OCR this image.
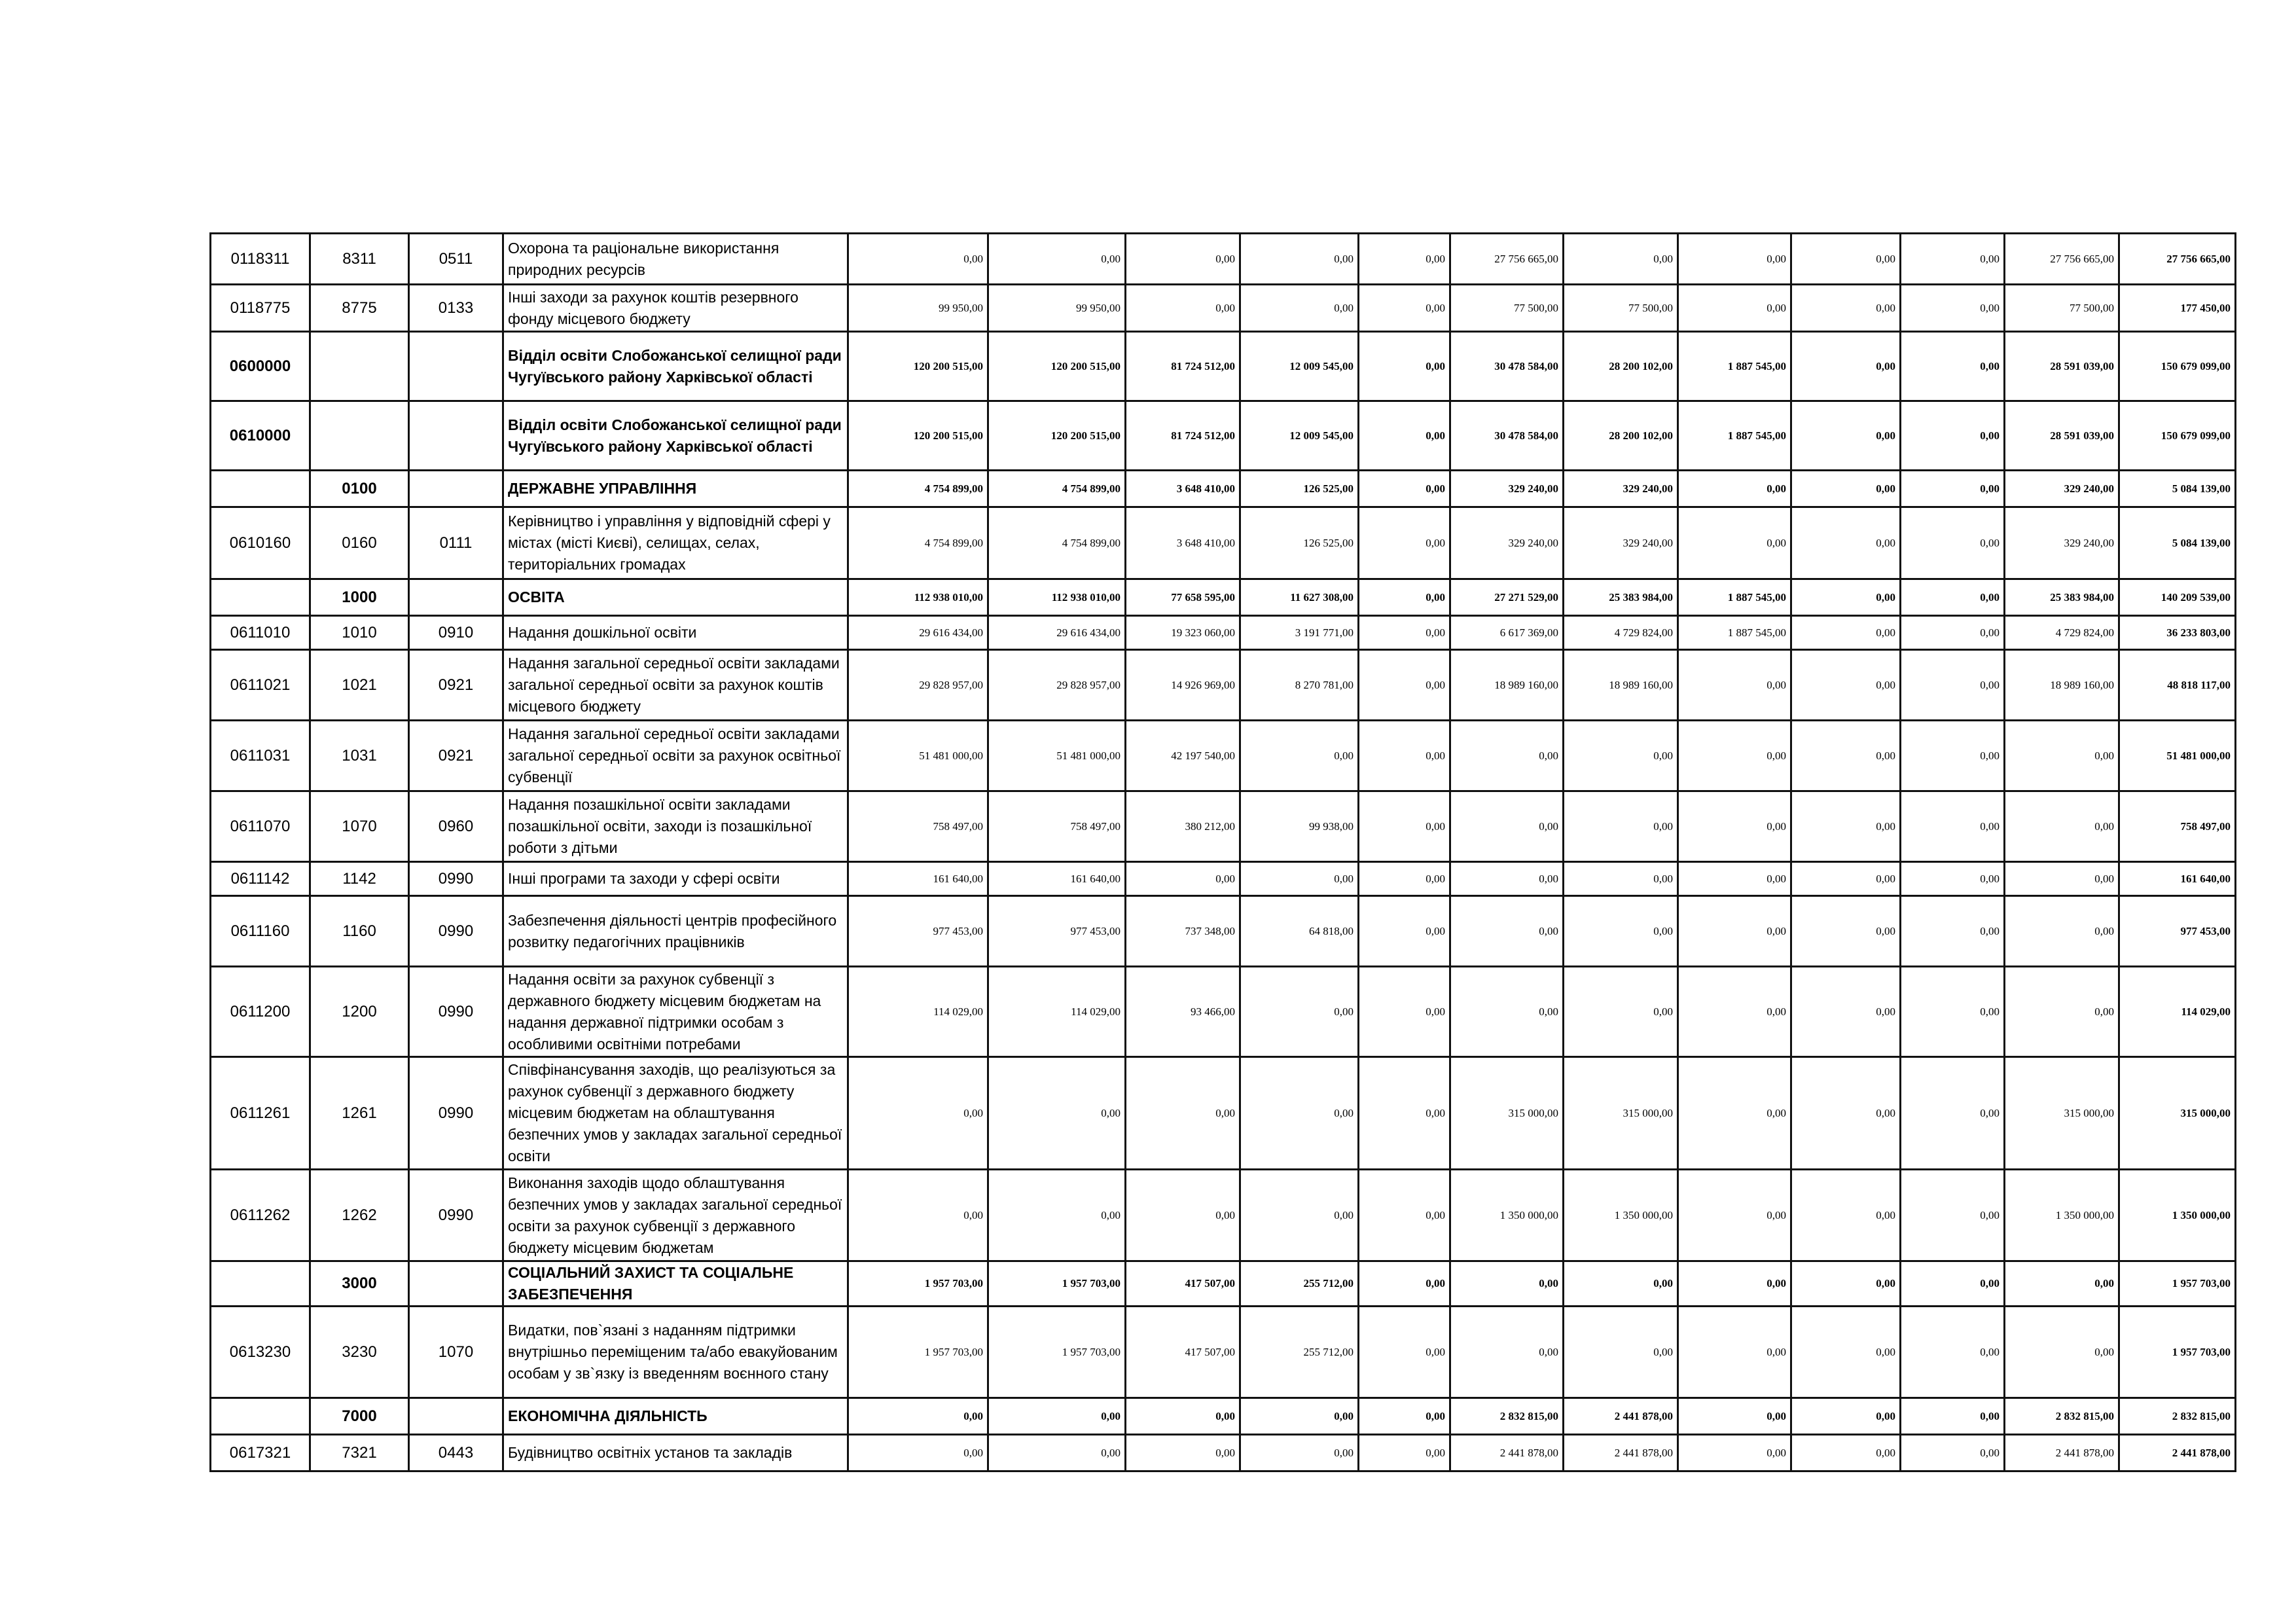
0118311	8311	0511	Охорона та раціональне використання природних ресурсів	0,00	0,00	0,00	0,00	0,00	27 756 665,00	0,00	0,00	0,00	0,00	27 756 665,00	27 756 665,00
0118775	8775	0133	Інші заходи за рахунок коштів резервного фонду місцевого бюджету	99 950,00	99 950,00	0,00	0,00	0,00	77 500,00	77 500,00	0,00	0,00	0,00	77 500,00	177 450,00
0600000			Відділ освіти Слобожанської селищної ради Чугуївського району Харківської області	120 200 515,00	120 200 515,00	81 724 512,00	12 009 545,00	0,00	30 478 584,00	28 200 102,00	1 887 545,00	0,00	0,00	28 591 039,00	150 679 099,00
0610000			Відділ освіти Слобожанської селищної ради Чугуївського району Харківської області	120 200 515,00	120 200 515,00	81 724 512,00	12 009 545,00	0,00	30 478 584,00	28 200 102,00	1 887 545,00	0,00	0,00	28 591 039,00	150 679 099,00
	0100		ДЕРЖАВНЕ УПРАВЛІННЯ	4 754 899,00	4 754 899,00	3 648 410,00	126 525,00	0,00	329 240,00	329 240,00	0,00	0,00	0,00	329 240,00	5 084 139,00
0610160	0160	0111	Керівництво і управління у відповідній сфері у містах (місті Києві), селищах, селах, територіальних громадах	4 754 899,00	4 754 899,00	3 648 410,00	126 525,00	0,00	329 240,00	329 240,00	0,00	0,00	0,00	329 240,00	5 084 139,00
	1000		ОСВІТА	112 938 010,00	112 938 010,00	77 658 595,00	11 627 308,00	0,00	27 271 529,00	25 383 984,00	1 887 545,00	0,00	0,00	25 383 984,00	140 209 539,00
0611010	1010	0910	Надання дошкільної освіти	29 616 434,00	29 616 434,00	19 323 060,00	3 191 771,00	0,00	6 617 369,00	4 729 824,00	1 887 545,00	0,00	0,00	4 729 824,00	36 233 803,00
0611021	1021	0921	Надання загальної середньої освіти закладами загальної середньої освіти за рахунок коштів місцевого бюджету	29 828 957,00	29 828 957,00	14 926 969,00	8 270 781,00	0,00	18 989 160,00	18 989 160,00	0,00	0,00	0,00	18 989 160,00	48 818 117,00
0611031	1031	0921	Надання загальної середньої освіти закладами загальної середньої освіти за рахунок освітньої субвенції	51 481 000,00	51 481 000,00	42 197 540,00	0,00	0,00	0,00	0,00	0,00	0,00	0,00	0,00	51 481 000,00
0611070	1070	0960	Надання позашкільної освіти закладами позашкільної освіти, заходи із позашкільної роботи з дітьми	758 497,00	758 497,00	380 212,00	99 938,00	0,00	0,00	0,00	0,00	0,00	0,00	0,00	758 497,00
0611142	1142	0990	Інші програми та заходи у сфері освіти	161 640,00	161 640,00	0,00	0,00	0,00	0,00	0,00	0,00	0,00	0,00	0,00	161 640,00
0611160	1160	0990	Забезпечення діяльності центрів професійного розвитку педагогічних працівників	977 453,00	977 453,00	737 348,00	64 818,00	0,00	0,00	0,00	0,00	0,00	0,00	0,00	977 453,00
0611200	1200	0990	Надання освіти за рахунок субвенції з державного бюджету місцевим бюджетам на надання державної підтримки особам з особливими освітніми потребами	114 029,00	114 029,00	93 466,00	0,00	0,00	0,00	0,00	0,00	0,00	0,00	0,00	114 029,00
0611261	1261	0990	Співфінансування заходів, що реалізуються за рахунок субвенції з державного бюджету місцевим бюджетам на облаштування безпечних умов у закладах загальної середньої освіти	0,00	0,00	0,00	0,00	0,00	315 000,00	315 000,00	0,00	0,00	0,00	315 000,00	315 000,00
0611262	1262	0990	Виконання заходів щодо облаштування безпечних умов у закладах загальної середньої освіти за рахунок субвенції з державного бюджету місцевим бюджетам	0,00	0,00	0,00	0,00	0,00	1 350 000,00	1 350 000,00	0,00	0,00	0,00	1 350 000,00	1 350 000,00
	3000		СОЦІАЛЬНИЙ ЗАХИСТ ТА СОЦІАЛЬНЕ ЗАБЕЗПЕЧЕННЯ	1 957 703,00	1 957 703,00	417 507,00	255 712,00	0,00	0,00	0,00	0,00	0,00	0,00	0,00	1 957 703,00
0613230	3230	1070	Видатки, пов`язані з наданням підтримки внутрішньо переміщеним та/або евакуйованим особам у зв`язку із введенням воєнного стану	1 957 703,00	1 957 703,00	417 507,00	255 712,00	0,00	0,00	0,00	0,00	0,00	0,00	0,00	1 957 703,00
	7000		ЕКОНОМІЧНА ДІЯЛЬНІСТЬ	0,00	0,00	0,00	0,00	0,00	2 832 815,00	2 441 878,00	0,00	0,00	0,00	2 832 815,00	2 832 815,00
0617321	7321	0443	Будівництво освітніх установ та закладів	0,00	0,00	0,00	0,00	0,00	2 441 878,00	2 441 878,00	0,00	0,00	0,00	2 441 878,00	2 441 878,00
